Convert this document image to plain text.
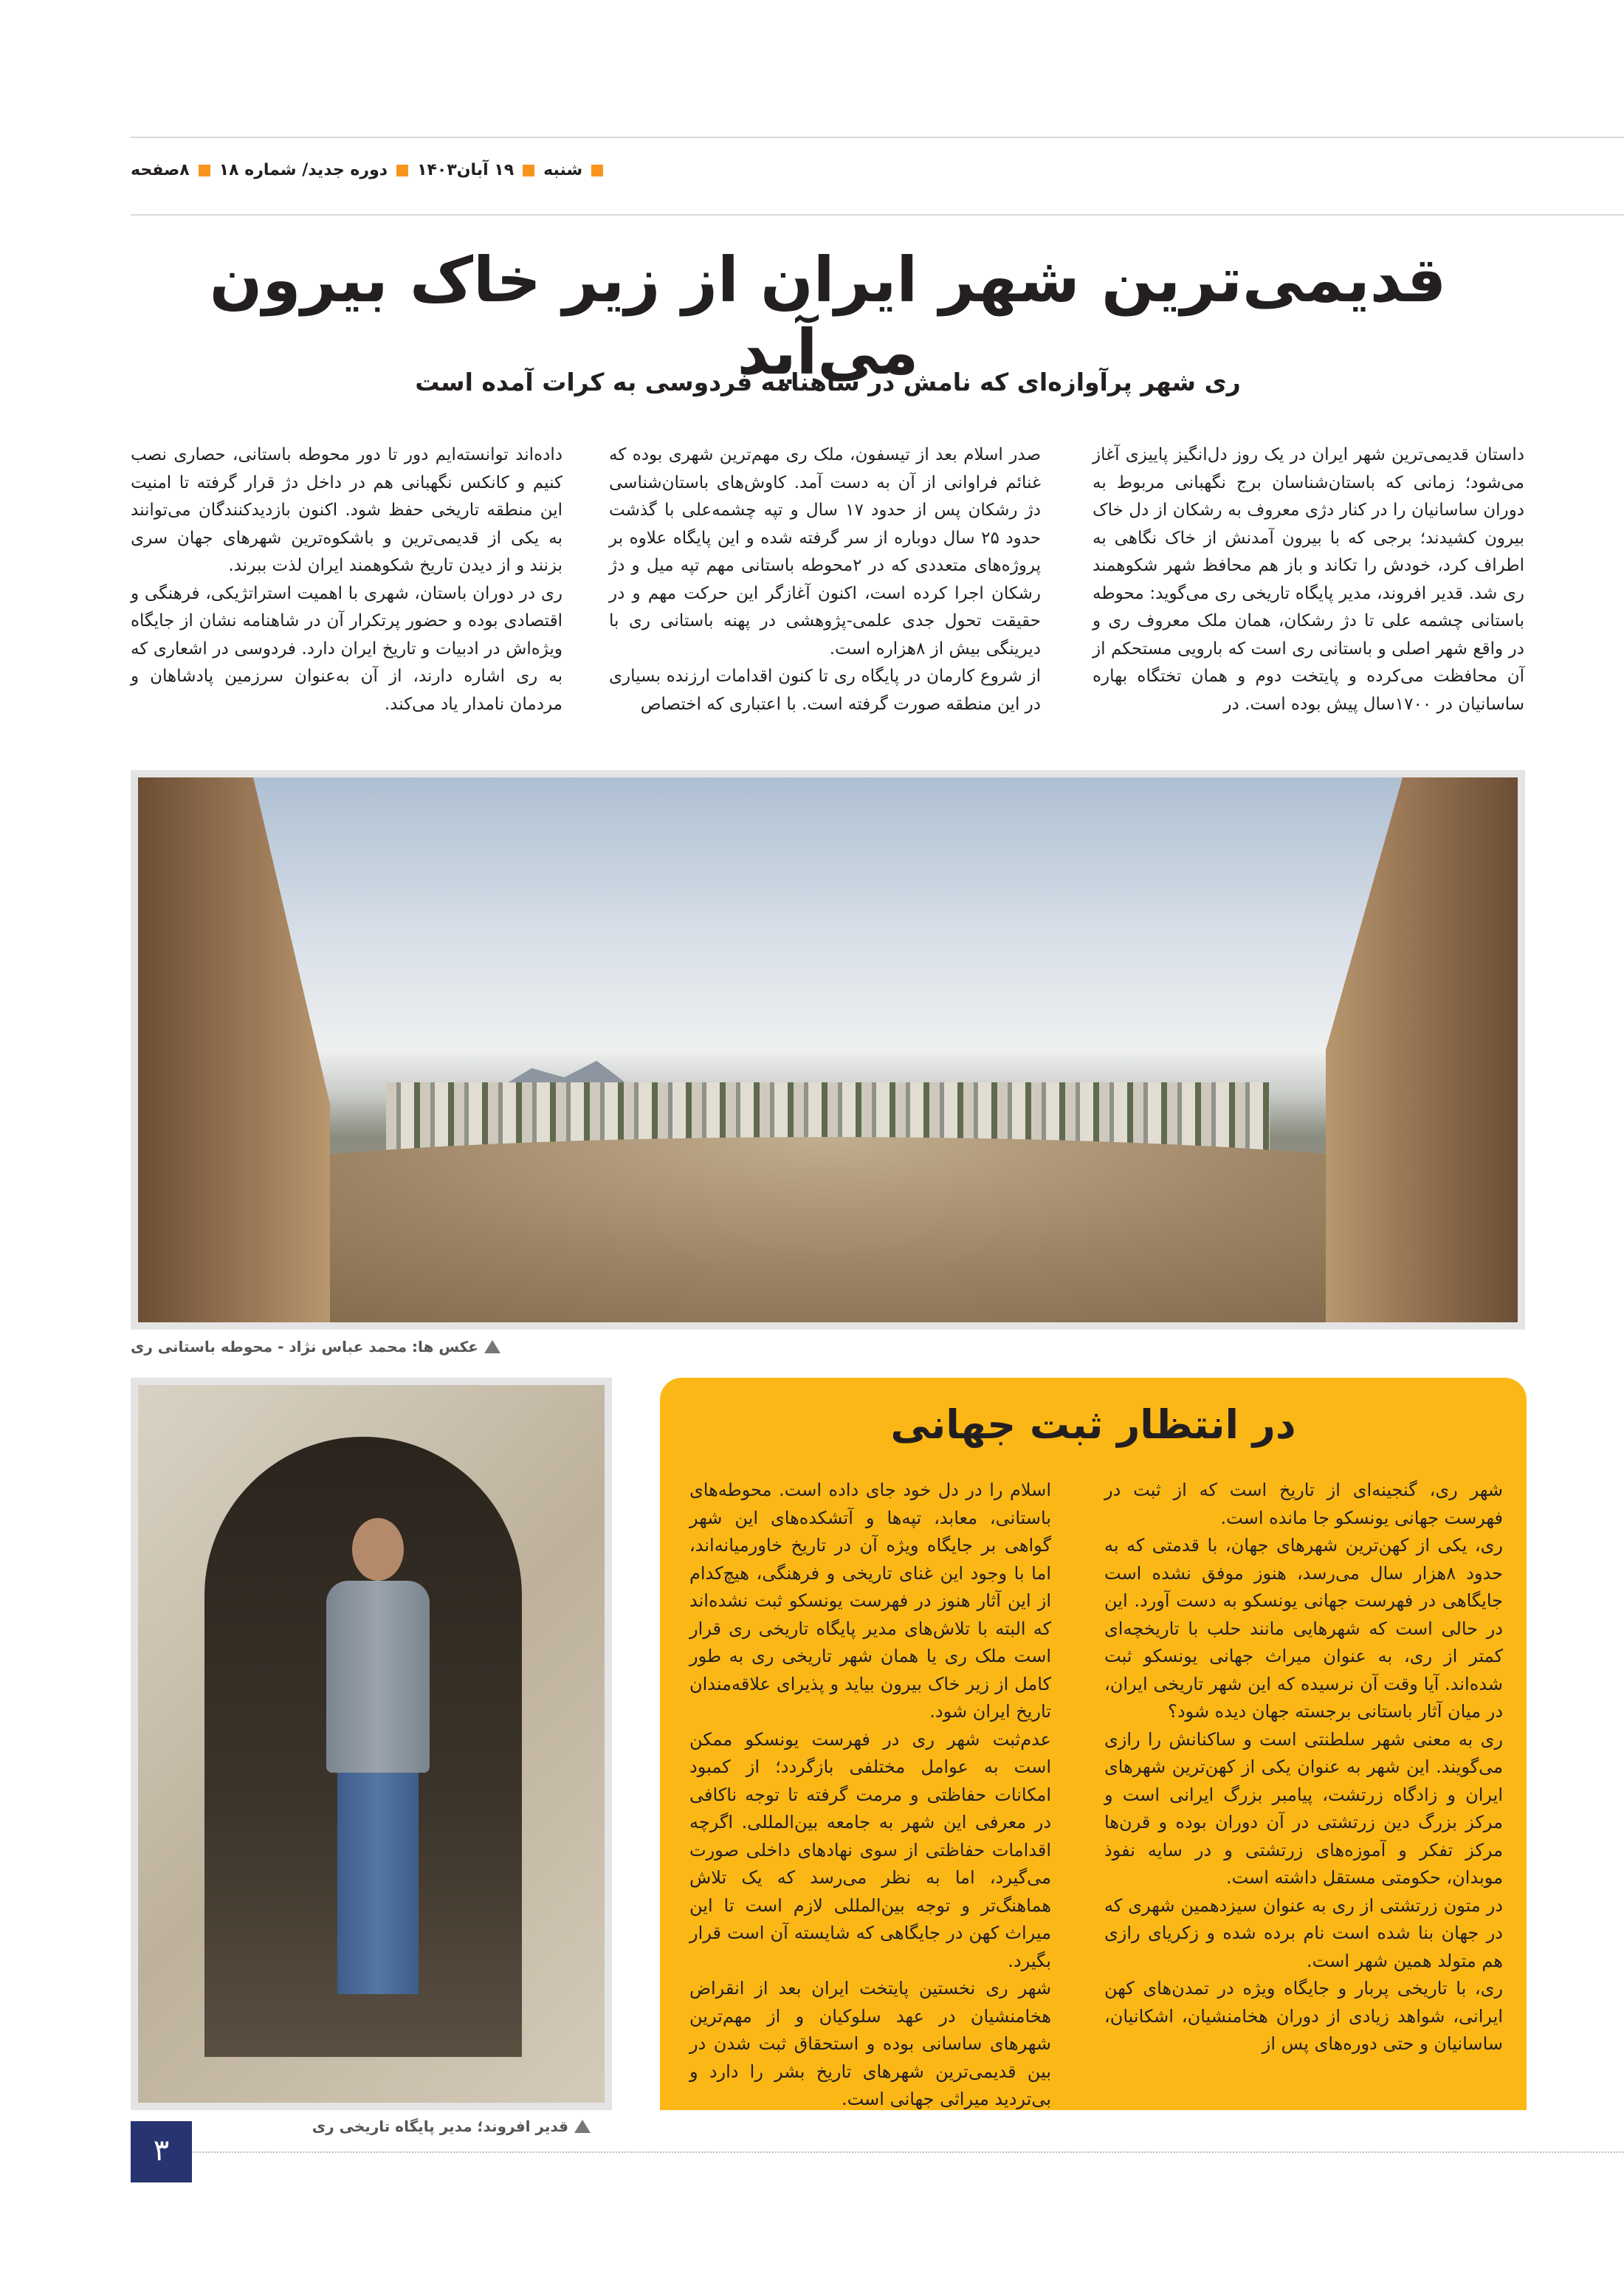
شنبه
۱۹ آبان۱۴۰۳
دوره جدید/ شماره ۱۸
۸صفحه
قدیمی‌ترین شهر ایران از زیر خاک بیرون می‌آید
ری شهر پرآوازه‌ای که نامش در شاهنامه فردوسی به کرات آمده است

داستان قدیمی‌ترین شهر ایران در یک روز دل‌انگیز پاییزی آغاز می‌شود؛ زمانی که باستان‌شناسان برج نگهبانی مربوط به دوران ساسانیان را در کنار دژی معروف به رشکان از دل خاک بیرون کشیدند؛ برجی که با بیرون آمدنش از خاک نگاهی به اطراف کرد، خودش را تکاند و باز هم محافظ شهر شکوهمند ری شد. قدیر افروند، مدیر پایگاه تاریخی ری می‌گوید: محوطه باستانی چشمه علی تا دژ رشکان، همان ملک معروف ری و در واقع شهر اصلی و باستانی ری است که بارویی مستحکم از آن محافظت می‌کرده و پایتخت دوم و همان تختگاه بهاره ساسانیان در ۱۷۰۰سال پیش بوده است. در

صدر اسلام بعد از تیسفون، ملک ری مهم‌ترین شهری بوده که غنائم فراوانی از آن به دست آمد. کاوش‌های باستان‌شناسی دژ رشکان پس از حدود ۱۷ سال و تپه چشمه‌علی با گذشت حدود ۲۵ سال دوباره از سر گرفته شده و این پایگاه علاوه بر پروژه‌های متعددی که در ۲محوطه باستانی مهم تپه میل و دژ رشکان اجرا کرده است، اکنون آغازگر این حرکت مهم و در حقیقت تحول جدی علمی-پژوهشی در پهنه باستانی ری با دیرینگی بیش از ۸هزاره است.

از شروع کارمان در پایگاه ری تا کنون اقدامات ارزنده بسیاری در این منطقه صورت گرفته است. با اعتباری که اختصاص

داده‌اند توانسته‌ایم دور تا دور محوطه باستانی، حصاری نصب کنیم و کانکس نگهبانی هم در داخل دژ قرار گرفته تا امنیت این منطقه تاریخی حفظ شود. اکنون بازدیدکنندگان می‌توانند به یکی از قدیمی‌ترین و باشکوه‌ترین شهرهای جهان سری بزنند و از دیدن تاریخ شکوهمند ایران لذت ببرند.

ری در دوران باستان، شهری با اهمیت استراتژیکی، فرهنگی و اقتصادی بوده و حضور پرتکرار آن در شاهنامه نشان از جایگاه ویژه‌اش در ادبیات و تاریخ ایران دارد. فردوسی در اشعاری که به ری اشاره دارند، از آن به‌عنوان سرزمین پادشاهان و مردمان نامدار یاد می‌کند.

عکس ها: محمد عباس نژاد - محوطه باستانی ری
قدیر افروند؛ مدیر پایگاه تاریخی ری
در انتظار ثبت جهانی

شهر ری، گنجینه‌ای از تاریخ است که از ثبت در فهرست جهانی یونسکو جا مانده است.

ری، یکی از کهن‌ترین شهرهای جهان، با قدمتی که به حدود ۸هزار سال می‌رسد، هنوز موفق نشده است جایگاهی در فهرست جهانی یونسکو به دست آورد. این در حالی است که شهرهایی مانند حلب با تاریخچه‌ای کمتر از ری، به عنوان میراث جهانی یونسکو ثبت شده‌اند. آیا وقت آن نرسیده که این شهر تاریخی ایران، در میان آثار باستانی برجسته جهان دیده شود؟

ری به معنی شهر سلطنتی است و ساکنانش را رازی می‌گویند. این شهر به عنوان یکی از کهن‌ترین شهرهای ایران و زادگاه زرتشت، پیامبر بزرگ ایرانی است و مرکز بزرگ دین زرتشتی در آن دوران بوده و قرن‌ها مرکز تفکر و آموزه‌های زرتشتی و در سایه نفوذ موبدان، حکومتی مستقل داشته است.

در متون زرتشتی از ری به عنوان سیزدهمین شهری که در جهان بنا شده است نام برده شده و زکریای رازی هم متولد همین شهر است.

ری، با تاریخی پربار و جایگاه ویژه در تمدن‌های کهن ایرانی، شواهد زیادی از دوران هخامنشیان، اشکانیان، ساسانیان و حتی دوره‌های پس از

اسلام را در دل خود جای داده است. محوطه‌های باستانی، معابد، تپه‌ها و آتشکده‌های این شهر گواهی بر جایگاه ویژه آن در تاریخ خاورمیانه‌اند، اما با وجود این غنای تاریخی و فرهنگی، هیچ‌کدام از این آثار هنوز در فهرست یونسکو ثبت نشده‌اند که البته با تلاش‌های مدیر پایگاه تاریخی ری قرار است ملک ری یا همان شهر تاریخی ری به طور کامل از زیر خاک بیرون بیاید و پذیرای علاقه‌مندان تاریخ ایران شود.

عدم‌ثبت شهر ری در فهرست یونسکو ممکن است به عوامل مختلفی بازگردد؛ از کمبود امکانات حفاظتی و مرمت گرفته تا توجه ناکافی در معرفی این شهر به جامعه بین‌المللی. اگرچه اقدامات حفاظتی از سوی نهادهای داخلی صورت می‌گیرد، اما به نظر می‌رسد که یک تلاش هماهنگ‌تر و توجه بین‌المللی لازم است تا این میراث کهن در جایگاهی که شایسته آن است قرار بگیرد.

شهر ری نخستین پایتخت ایران بعد از انقراض هخامنشیان در عهد سلوکیان و از مهم‌ترین شهرهای ساسانی بوده و استحقاق ثبت شدن در بین قدیمی‌ترین شهرهای تاریخ بشر را دارد و بی‌تردید میراثی جهانی است.

۳
